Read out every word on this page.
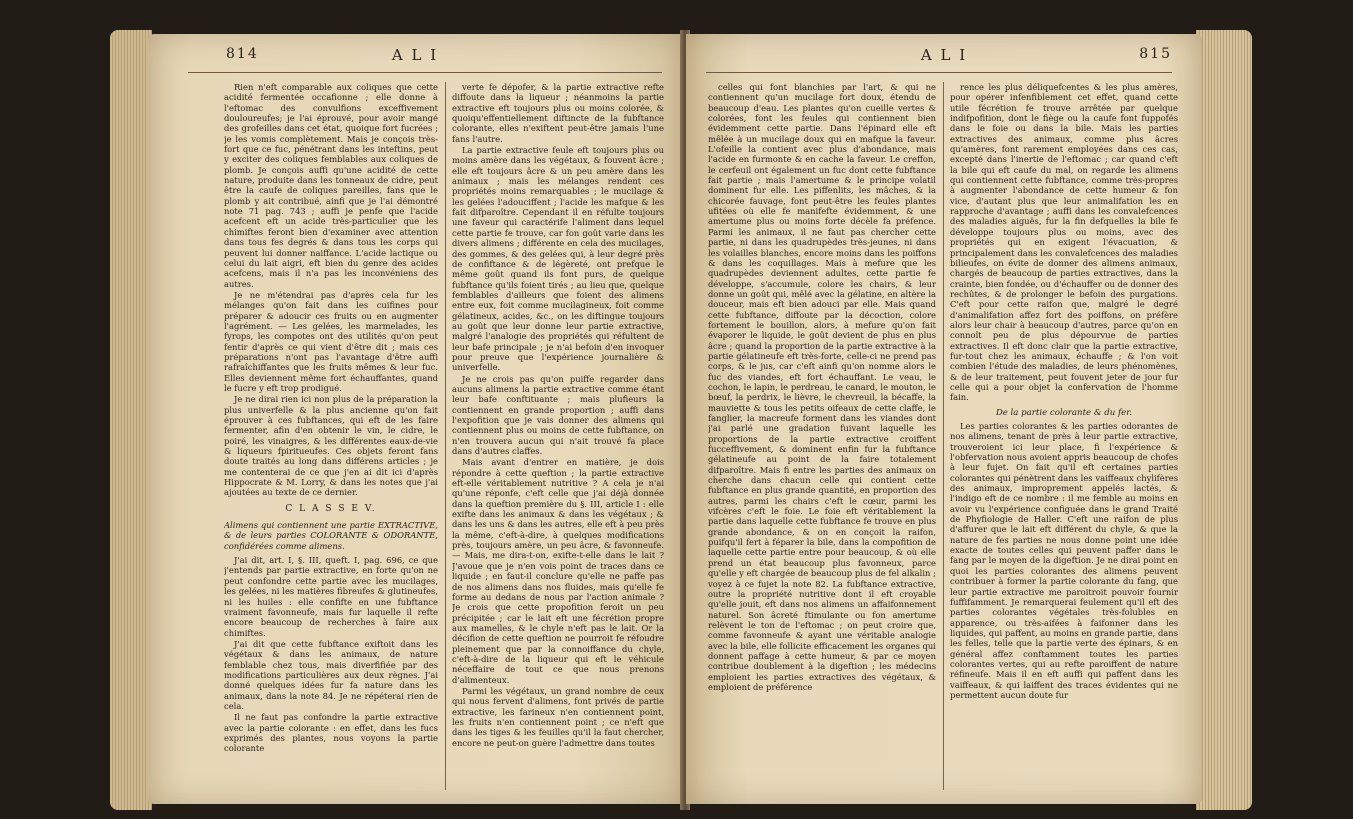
814	A L I

Rien n'eft comparable aux coliques que cette acidité fermentée occafionne ; elle donne à l'eftomac des convulfions exceffivement douloureufes; je l'ai éprouvé, pour avoir mangé des grofeilles dans cet état, quoique fort fucrées ; je les vomis complètement. Mais je conçois très-fort que ce fuc, pénétrant dans les inteftins, peut y exciter des coliques femblables aux coliques de plomb. Je conçois auffi qu'une acidité de cette nature, produite dans les tonneaux de cidre, peut être la caufe de coliques pareilles, fans que le plomb y ait contribué, ainfi que je l'ai démontré note 71 pag. 743 ; auffi je penfe que l'acide acefcent eft un acide très-particulier que les chimiftes feront bien d'examiner avec attention dans tous fes degrés & dans tous les corps qui peuvent lui donner naiffance. L'acide lactique ou celui du lait aigri, eft bien du genre des acides acefcens, mais il n'a pas les inconvéniens des autres.

Je ne m'étendrai pas d'après cela fur les mélanges qu'on fait dans les cuifines pour préparer & adoucir ces fruits ou en augmenter l'agrément. — Les gelées, les marmelades, les fyrops, les compotes ont des utilités qu'on peut fentir d'après ce qui vient d'être dit ; mais ces préparations n'ont pas l'avantage d'être auffi rafraîchiffantes que les fruits mêmes & leur fuc. Elles deviennent même fort échauffantes, quand le fucre y eft trop prodigué.

Je ne dirai rien ici non plus de la préparation la plus univerfelle & la plus ancienne qu'on fait éprouver à ces fubftances, qui eft de les faire fermenter, afin d'en obtenir le vin, le cidre, le poiré, les vinaigres, & les différentes eaux-de-vie & liqueurs fpiritueufes. Ces objets feront fans doute traités au long dans différens articles ; je me contenterai de ce que j'en ai dit ici d'après Hippocrate & M. Lorry, & dans les notes que j'ai ajoutées au texte de ce dernier.

C L A S S E V.

Alimens qui contiennent une partie EXTRACTIVE, & de leurs parties COLORANTE & ODORANTE, confidérées comme alimens.

J'ai dit, art. I, §. III, queft. I, pag. 696, ce que j'entends par partie extractive, en forte qu'on ne peut confondre cette partie avec les mucilages, les gelées, ni les matières fibreufes & glutineufes, ni les huiles : elle confifte en une fubftance vraiment favonneufe, mais fur laquelle il refte encore beaucoup de recherches à faire aux chimiftes.

J'ai dit que cette fubftance exiftoit dans les végétaux & dans les animaux, de nature femblable chez tous, mais diverfifiée par des modifications particulières aux deux règnes. J'ai donné quelques idées fur fa nature dans les animaux, dans la note 84. Je ne répéterai rien de cela.

Il ne faut pas confondre la partie extractive avec la partie colorante : en effet, dans les fucs exprimés des plantes, nous voyons la partie colorante

verte fe dépofer, & la partie extractive refte diffoute dans la liqueur ; néanmoins la partie extractive eft toujours plus ou moins colorée, & quoiqu'effentiellement diftincte de la fubftance colorante, elles n'exiftent peut-être jamais l'une fans l'autre.

La partie extractive feule eft toujours plus ou moins amère dans les végétaux, & fouvent âcre ; elle eft toujours âcre & un peu amère dans les animaux ; mais les mélanges rendent ces propriétés moins remarquables ; le mucilage & les gelées l'adouciffent ; l'acide les mafque & les fait difparoître. Cependant il en réfulte toujours une faveur qui caractérife l'aliment dans lequel cette partie fe trouve, car fon goût varie dans les divers alimens ; différente en cela des mucilages, des gommes, & des gelées qui, à leur degré près de confiftance & de légèreté, ont prefque le même goût quand ils font purs, de quelque fubftance qu'ils foient tirés ; au lieu que, quelque femblables d'ailleurs que foient des alimens entre eux, foit comme mucilagineux, foit comme gélatineux, acides, &c., on les diftingue toujours au goût que leur donne leur partie extractive, malgré l'analogie des propriétés qui réfultent de leur bafe principale ; je n'ai befoin d'en invoquer pour preuve que l'expérience journalière & univerfelle.

Je ne crois pas qu'on puiffe regarder dans aucuns alimens la partie extractive comme étant leur bafe conftituante ; mais plufieurs la contiennent en grande proportion ; auffi dans l'expofition que je vais donner des alimens qui contiennent plus ou moins de cette fubftance, on n'en trouvera aucun qui n'ait trouvé fa place dans d'autres claffes.

Mais avant d'entrer en matière, je dois répondre à cette queftion ; la partie extractive eft-elle véritablement nutritive ? A cela je n'ai qu'une réponfe, c'eft celle que j'ai déjà donnée dans la queftion première du §. III, article I : elle exifte dans les animaux & dans les végétaux ; & dans les uns & dans les autres, elle eft à peu près la même, c'eft-à-dire, à quelques modifications près, toujours amère, un peu âcre, & favonneufe. — Mais, me dira-t-on, exifte-t-elle dans le lait ? J'avoue que je n'en vois point de traces dans ce liquide ; en faut-il conclure qu'elle ne paffe pas de nos alimens dans nos fluides, mais qu'elle fe forme au dedans de nous par l'action animale ? Je crois que cette propofition feroit un peu précipitée ; car le lait eft une fécrétion propre aux mamelles, & le chyle n'eft pas le lait. Or la décifion de cette queftion ne pourroit fe réfoudre pleinement que par la connoiffance du chyle, c'eft-à-dire de la liqueur qui eft le véhicule néceffaire de tout ce que nous prenons d'alimenteux.

Parmi les végétaux, un grand nombre de ceux qui nous fervent d'alimens, font privés de partie extractive, les farineux n'en contiennent point, les fruits n'en contiennent point ; ce n'eft que dans les tiges & les feuilles qu'il la faut chercher, encore ne peut-on guère l'admettre dans toutes

A L I	815

celles qui font blanchies par l'art, & qui ne contiennent qu'un mucilage fort doux, étendu de beaucoup d'eau. Les plantes qu'on cueille vertes & colorées, font les feules qui contiennent bien évidemment cette partie. Dans l'épinard elle eft mêlée à un mucilage doux qui en mafque la faveur. L'ofeille la contient avec plus d'abondance, mais l'acide en furmonte & en cache la faveur. Le creffon, le cerfeuil ont également un fuc dont cette fubftance fait partie ; mais l'amertume & le principe volatil dominent fur elle. Les piffenlits, les mâches, & la chicorée fauvage, font peut-être les feules plantes ufitées où elle fe manifefte évidemment, & une amertume plus ou moins forte décèle fa préfence. Parmi les animaux, il ne faut pas chercher cette partie, ni dans les quadrupèdes très-jeunes, ni dans les volailles blanches, encore moins dans les poiffons & dans les coquillages. Mais à mefure que les quadrupèdes deviennent adultes, cette partie fe développe, s'accumule, colore les chairs, & leur donne un goût qui, mêlé avec la gélatine, en altère la douceur, mais eft bien adouci par elle. Mais quand cette fubftance, diffoute par la décoction, colore fortement le bouillon, alors, à mefure qu'on fait évaporer le liquide, le goût devient de plus en plus âcre ; quand la proportion de la partie extractive à la partie gélatineufe eft très-forte, celle-ci ne prend pas corps, & le jus, car c'eft ainfi qu'on nomme alors le fuc des viandes, eft fort échauffant. Le veau, le cochon, le lapin, le perdreau, le canard, le mouton, le bœuf, la perdrix, le lièvre, le chevreuil, la bécaffe, la mauviette & tous les petits oifeaux de cette claffe, le fanglier, la macreufe forment dans les viandes dont j'ai parlé une gradation fuivant laquelle les proportions de la partie extractive croiffent fucceffivement, & dominent enfin fur la fubftance gélatineufe au point de la faire totalement difparoître. Mais fi entre les parties des animaux on cherche dans chacun celle qui contient cette fubftance en plus grande quantité, en proportion des autres, parmi les chairs c'eft le cœur, parmi les vifcères c'eft le foie. Le foie eft véritablement la partie dans laquelle cette fubftance fe trouve en plus grande abondance, & on en conçoit la raifon, puifqu'il fert à féparer la bile, dans la compofition de laquelle cette partie entre pour beaucoup, & où elle prend un état beaucoup plus favonneux, parce qu'elle y eft chargée de beaucoup plus de fel alkalin ; voyez à ce fujet la note 82. La fubftance extractive, outre la propriété nutritive dont il eft croyable qu'elle jouit, eft dans nos alimens un affaifonnement naturel. Son âcreté ftimulante ou fon amertume relèvent le ton de l'eftomac ; on peut croire que, comme favonneufe & ayant une véritable analogie avec la bile, elle follicite efficacement les organes qui donnent paffage à cette humeur, & par ce moyen contribue doublement à la digeftion ; les médecins emploient les parties extractives des végétaux, & emploient de préférence

rence les plus déliquefcentes & les plus amères, pour opérer infenfiblement cet effet, quand cette utile fécrétion fe trouve arrêtée par quelque indifpofition, dont le fiège ou la caufe font fuppofés dans le foie ou dans la bile. Mais les parties extractives des animaux, comme plus âcres qu'amères, font rarement employées dans ces cas, excepté dans l'inertie de l'eftomac ; car quand c'eft la bile qui eft caufe du mal, on regarde les alimens qui contiennent cette fubftance, comme très-propres à augmenter l'abondance de cette humeur & fon vice, d'autant plus que leur animalifation les en rapproche d'avantage ; auffi dans les convalefcences des maladies aiguës, fur la fin defquelles la bile fe développe toujours plus ou moins, avec des propriétés qui en exigent l'évacuation, & principalement dans les convalefcences des maladies bilieufes, on évite de donner des alimens animaux, chargés de beaucoup de parties extractives, dans la crainte, bien fondée, ou d'échauffer ou de donner des rechûtes, & de prolonger le befoin des purgations. C'eft pour cette raifon que, malgré le degré d'animalifation affez fort des poiffons, on préfère alors leur chair à beaucoup d'autres, parce qu'on en connoît peu de plus dépourvue de parties extractives. Il eft donc clair que la partie extractive, fur-tout chez les animaux, échauffe ; & l'on voit combien l'étude des maladies, de leurs phénomènes, & de leur traitement, peut fouvent jeter de jour fur celle qui a pour objet la confervation de l'homme fain.

De la partie colorante & du fer.

Les parties colorantes & les parties odorantes de nos alimens, tenant de près à leur partie extractive, trouveroient ici leur place, fi l'expérience & l'obfervation nous avoient appris beaucoup de chofes à leur fujet. On fait qu'il eft certaines parties colorantes qui pénètrent dans les vaiffeaux chylifères des animaux, improprement appelés lactés, & l'indigo eft de ce nombre : il me femble au moins en avoir vu l'expérience configuée dans le grand Traité de Phyfiologie de Haller. C'eft une raifon de plus d'affurer que le lait eft différent du chyle, & que la nature de fes parties ne nous donne point une idée exacte de toutes celles qui peuvent paffer dans le fang par le moyen de la digeftion. Je ne dirai point en quoi les parties colorantes des alimens peuvent contribuer à former la partie colorante du fang, que leur partie extractive me paroitroit pouvoir fournir fuffifamment. Je remarquerai feulement qu'il eft des parties colorantes végétales très-folubles en apparence, ou très-aifées à faifonner dans les liquides, qui paffent, au moins en grande partie, dans les felles, telle que la partie verte des épinars, & en général affez conftamment toutes les parties colorantes vertes, qui au refte paroiffent de nature réfineufe. Mais il en eft auffi qui paffent dans les vaiffeaux, & qui laiffent des traces évidentes qui ne permettent aucun doute fur
